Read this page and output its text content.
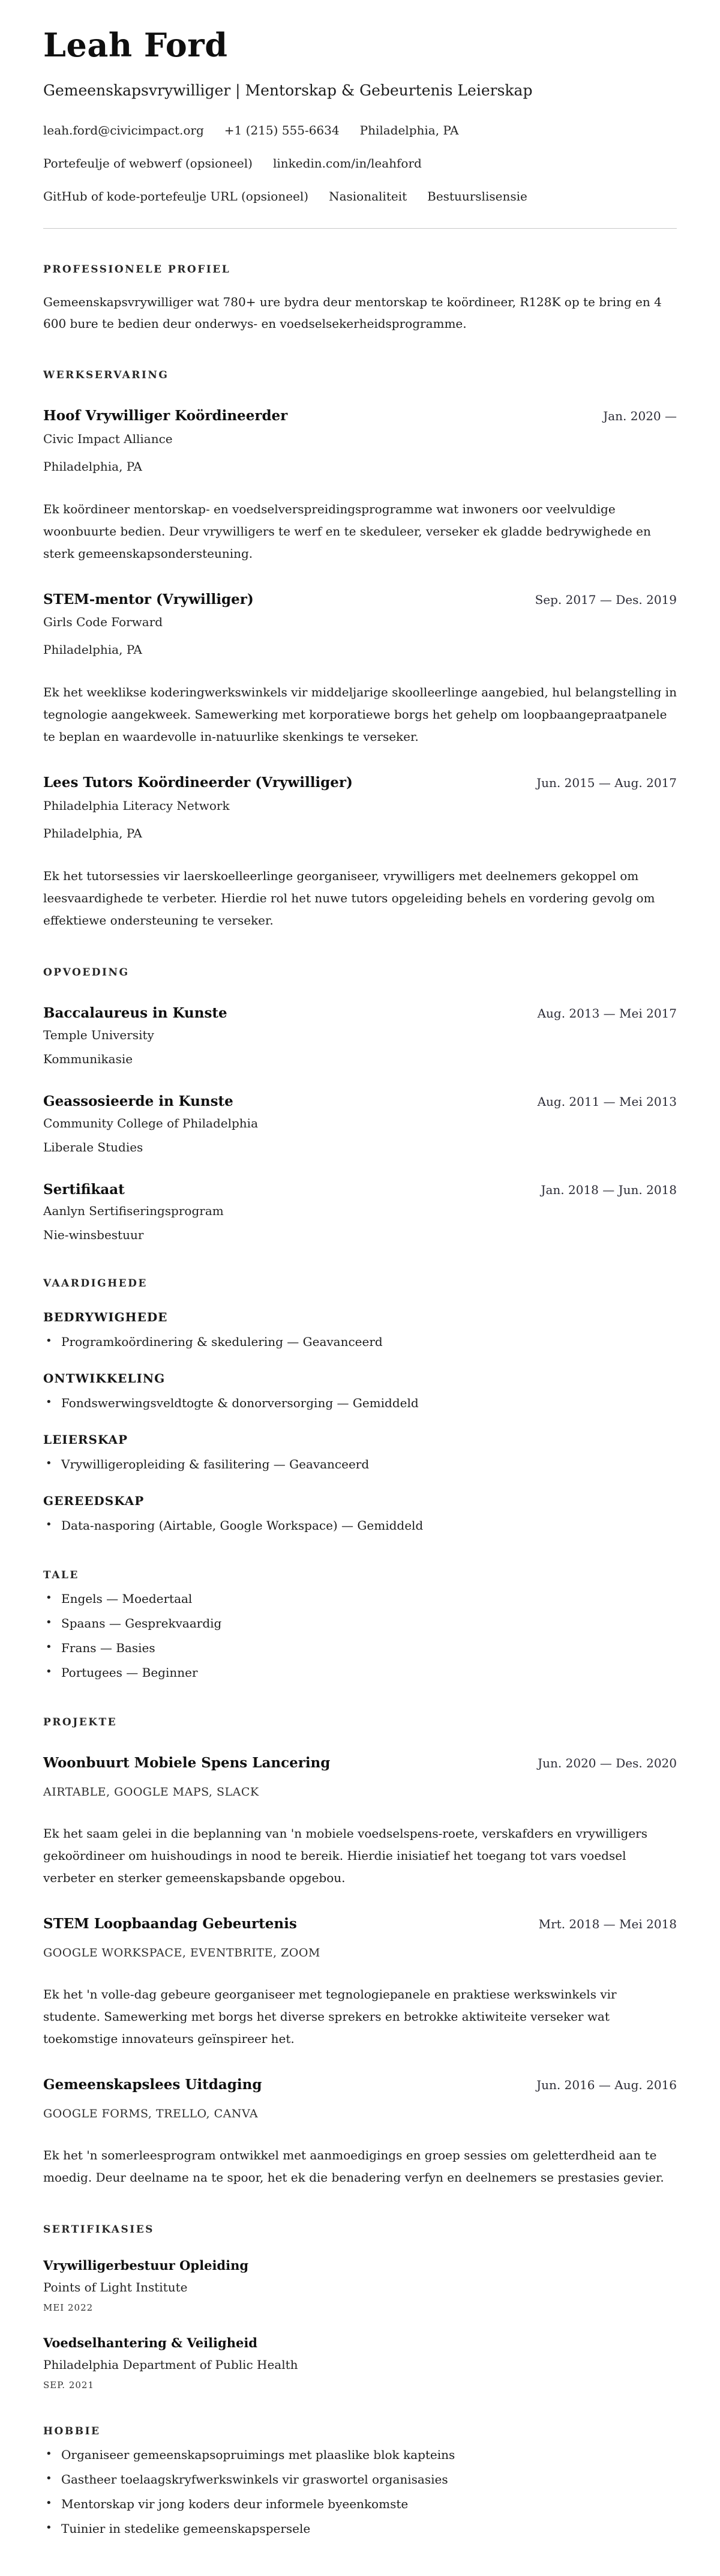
Leah Ford

Gemeenskapsvrywilliger | Mentorskap & Gebeurtenis Leierskap

leah.ford@civicimpact.org +1 (215) 555-6634 Philadelphia, PA
Portefeulje of webwerf (opsioneel) linkedin.com/in/leahford
GitHub of kode-portefeulje URL (opsioneel) Nasionaliteit Bestuurslisensie
PROFESSIONELE PROFIEL

Gemeenskapsvrywilliger wat 780+ ure bydra deur mentorskap te koördineer, R128K op te bring en 4 600 bure te bedien deur onderwys- en voedselsekerheidsprogramme.

WERKSERVARING
Hoof Vrywilliger Koördineerder	Jan. 2020 —

Civic Impact Alliance

Philadelphia, PA

Ek koördineer mentorskap- en voedselverspreidingsprogramme wat inwoners oor veelvuldige woonbuurte bedien. Deur vrywilligers te werf en te skeduleer, verseker ek gladde bedrywighede en sterk gemeenskapsondersteuning.

STEM-mentor (Vrywilliger)	Sep. 2017 — Des. 2019

Girls Code Forward

Philadelphia, PA

Ek het weeklikse koderingwerkswinkels vir middeljarige skoolleerlinge aangebied, hul belangstelling in tegnologie aangekweek. Samewerking met korporatiewe borgs het gehelp om loopbaangepraatpanele te beplan en waardevolle in-natuurlike skenkings te verseker.

Lees Tutors Koördineerder (Vrywilliger)	Jun. 2015 — Aug. 2017

Philadelphia Literacy Network

Philadelphia, PA

Ek het tutorsessies vir laerskoelleerlinge georganiseer, vrywilligers met deelnemers gekoppel om leesvaardighede te verbeter. Hierdie rol het nuwe tutors opgeleiding behels en vordering gevolg om effektiewe ondersteuning te verseker.

OPVOEDING
Baccalaureus in Kunste	Aug. 2013 — Mei 2017

Temple University

Kommunikasie

Geassosieerde in Kunste	Aug. 2011 — Mei 2013

Community College of Philadelphia

Liberale Studies

Sertifikaat	Jan. 2018 — Jun. 2018

Aanlyn Sertifiseringsprogram

Nie-winsbestuur

VAARDIGHEDE
BEDRYWIGHEDE
• Programkoördinering & skedulering — Geavanceerd
ONTWIKKELING
• Fondswerwingsveldtogte & donorversorging — Gemiddeld
LEIERSKAP
• Vrywilligeropleiding & fasilitering — Geavanceerd
GEREEDSKAP
• Data-nasporing (Airtable, Google Workspace) — Gemiddeld
TALE
• Engels — Moedertaal
• Spaans — Gesprekvaardig
• Frans — Basies
• Portugees — Beginner
PROJEKTE
Woonbuurt Mobiele Spens Lancering	Jun. 2020 — Des. 2020

AIRTABLE, GOOGLE MAPS, SLACK

Ek het saam gelei in die beplanning van 'n mobiele voedselspens-roete, verskafders en vrywilligers gekoördineer om huishoudings in nood te bereik. Hierdie inisiatief het toegang tot vars voedsel verbeter en sterker gemeenskapsbande opgebou.

STEM Loopbaandag Gebeurtenis	Mrt. 2018 — Mei 2018

GOOGLE WORKSPACE, EVENTBRITE, ZOOM

Ek het 'n volle-dag gebeure georganiseer met tegnologiepanele en praktiese werkswinkels vir studente. Samewerking met borgs het diverse sprekers en betrokke aktiwiteite verseker wat toekomstige innovateurs geïnspireer het.

Gemeenskapslees Uitdaging	Jun. 2016 — Aug. 2016

GOOGLE FORMS, TRELLO, CANVA

Ek het 'n somerleesprogram ontwikkel met aanmoedigings en groep sessies om geletterdheid aan te moedig. Deur deelname na te spoor, het ek die benadering verfyn en deelnemers se prestasies gevier.

SERTIFIKASIES
Vrywilligerbestuur Opleiding

Points of Light Institute

MEI 2022

Voedselhantering & Veiligheid

Philadelphia Department of Public Health

SEP. 2021

HOBBIE
• Organiseer gemeenskapsopruimings met plaaslike blok kapteins
• Gastheer toelaagskryfwerkswinkels vir graswortel organisasies
• Mentorskap vir jong koders deur informele byeenkomste
• Tuinier in stedelike gemeenskapspersele
